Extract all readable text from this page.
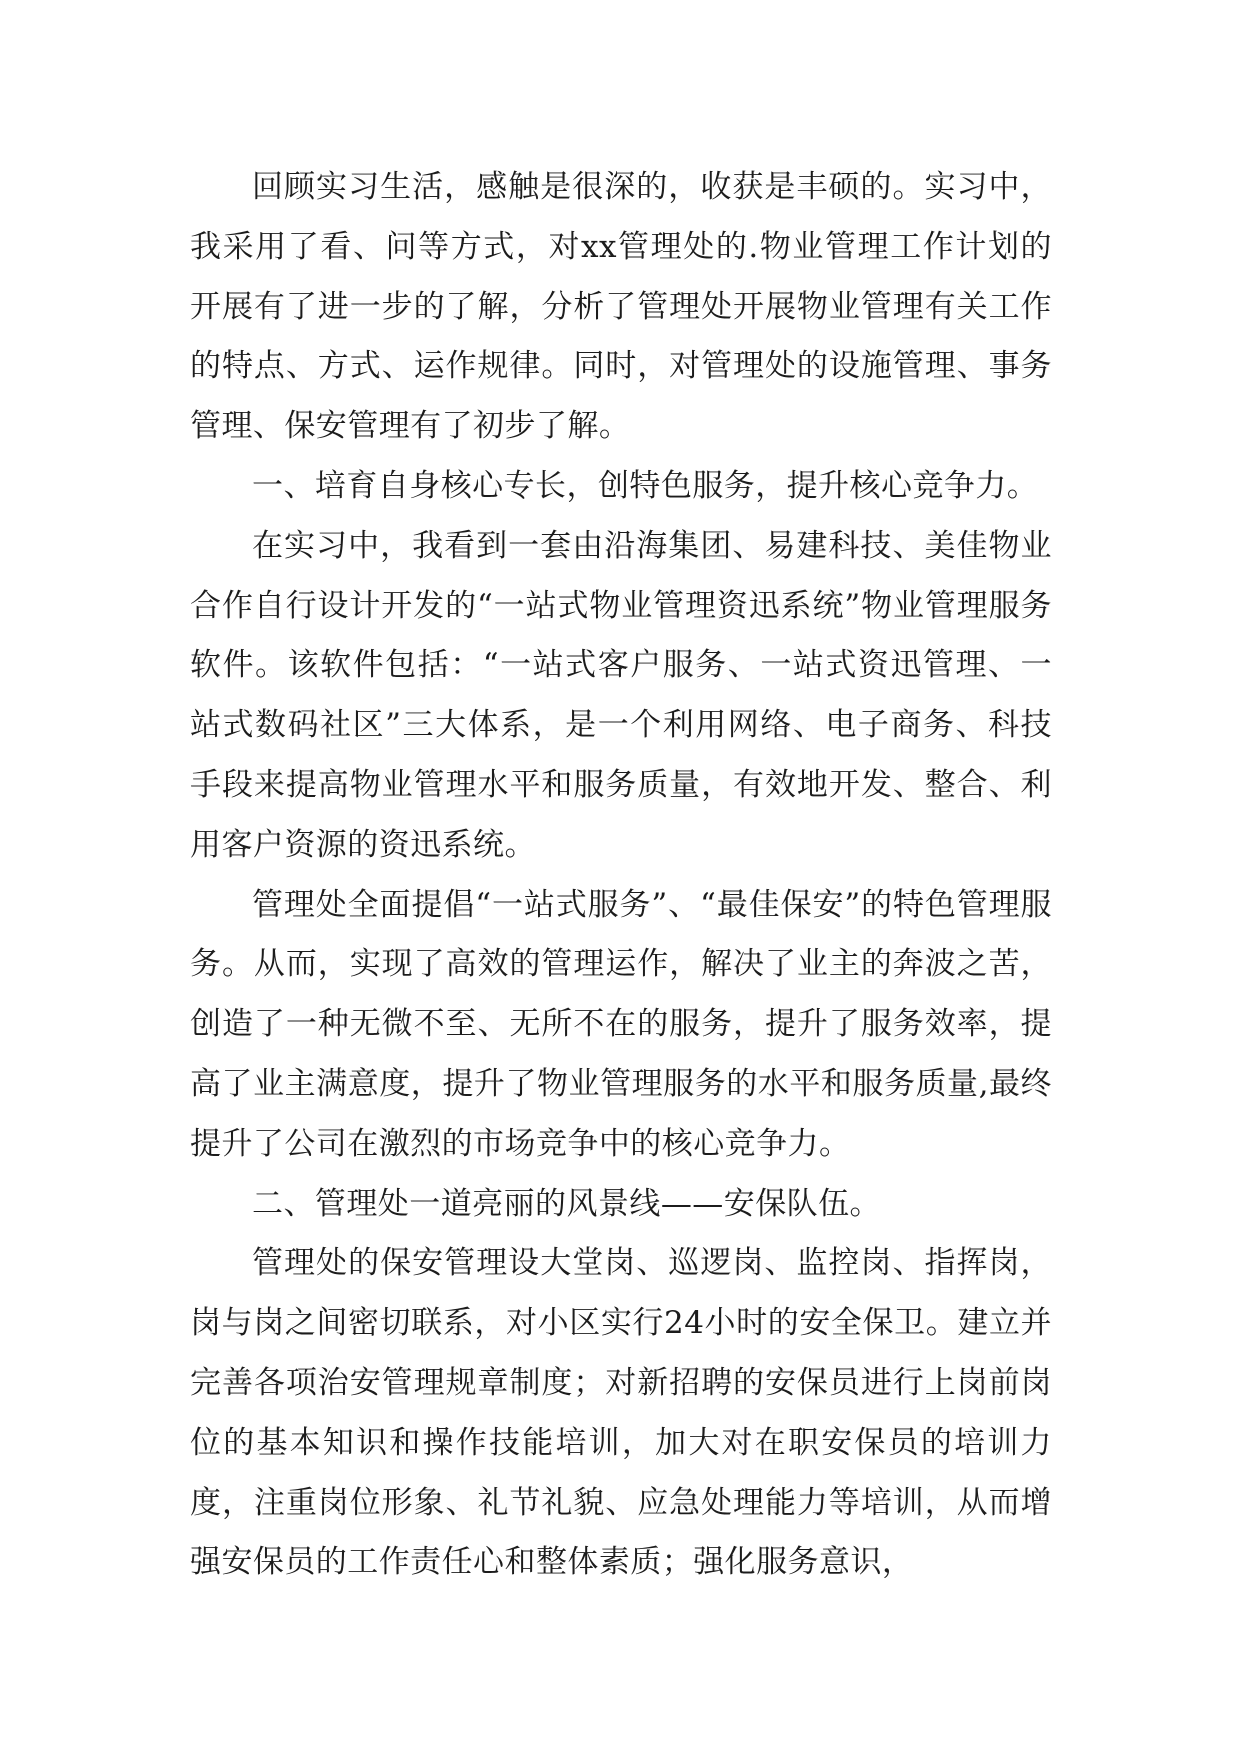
回顾实习生活，感触是很深的，收获是丰硕的。实习中，我采用了看、问等方式，对xx管理处的.物业管理工作计划的开展有了进一步的了解，分析了管理处开展物业管理有关工作的特点、方式、运作规律。同时，对管理处的设施管理、事务管理、保安管理有了初步了解。

一、培育自身核心专长，创特色服务，提升核心竞争力。

在实习中，我看到一套由沿海集团、易建科技、美佳物业合作自行设计开发的“一站式物业管理资迅系统”物业管理服务软件。该软件包括：“一站式客户服务、一站式资迅管理、一站式数码社区”三大体系，是一个利用网络、电子商务、科技手段来提高物业管理水平和服务质量，有效地开发、整合、利用客户资源的资迅系统。

管理处全面提倡“一站式服务”、“最佳保安”的特色管理服务。从而，实现了高效的管理运作，解决了业主的奔波之苦，创造了一种无微不至、无所不在的服务，提升了服务效率，提高了业主满意度，提升了物业管理服务的水平和服务质量,最终提升了公司在激烈的市场竞争中的核心竞争力。

二、管理处一道亮丽的风景线——安保队伍。

管理处的保安管理设大堂岗、巡逻岗、监控岗、指挥岗，岗与岗之间密切联系，对小区实行24小时的安全保卫。建立并完善各项治安管理规章制度；对新招聘的安保员进行上岗前岗位的基本知识和操作技能培训，加大对在职安保员的培训力度，注重岗位形象、礼节礼貌、应急处理能力等培训，从而增强安保员的工作责任心和整体素质；强化服务意识，
